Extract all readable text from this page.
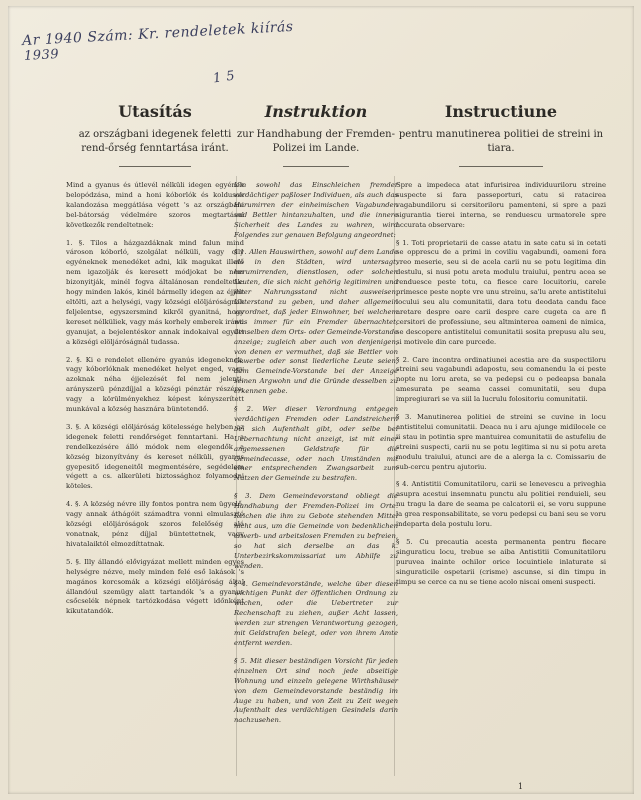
Ar 1940 Szám: Kr. rendeletek kiírás
1939
1 5
Utasítás
az országbani idegenek feletti rend-őrség fenntartása iránt.

Mind a gyanus és útlevél nélküli idegen egyének belopódzása, mind a honi kóborlók és koldusok kalandozása meggátlása végett 's az országbani bel-bátorság védelmére szoros megtartásul következők rendeltetnek:

1. §. Tilos a házgazdáknak mind falun mind városon kóborló, szolgálat nélküli, vagy olly egyéneknek menedéket adni, kik magukat illető nem igazolják és keresett módjokat be nem bizonyitják, minél fogva általánosan rendeltetik: hogy minden lakós, kinél bármelly idegen az éjjelt eltölti, azt a helységi, vagy községi elöljáróságnak feljelentse, egyszersmind kikről gyanitná, hogy kereset nélküliek, vagy más korhely emberek iránti gyanujat, a bejelentéskor annak indokaival együtt a községi elöljáróságnál tudassa.

2. §. Ki e rendelet ellenére gyanús idegeneknek, vagy kóborlóknak menedéket helyet enged, vagy azoknak néha éjjelezését fel nem jelenti, arányszerü pénzdíjjal a községi pénztár részére, vagy a körülményekhez képest kényszerített munkával a község hasznára büntetendő.

3. §. A községi elöljáróság kötelessége helyben az idegenek feletti rendőrséget fenntartani. Ha a rendelkezésére álló módok nem elegendők a község bizonyítvány és kereset nélküli, gyanus gyepesitő idegeneitől megmentésére, segédelem végett a cs. alkerületi biztossághoz folyamodni köteles.

4. §. A község névre illy fontos pontra nem ügyelő, vagy annak áthágóit számadtra vonni elmulasztó községi elöljáróságok szoros felelőség alá vonatnak, pénz díjjal büntettetnek, vagy hivatalaiktól elmozdíttatnak.

5. §. Illy állandó elővigyázat mellett minden egyes helységre nézve, mely minden felé eső lakások 's magános korcsomák a községi elöljáróság által állandóul szemügy alatt tartandók 's a gyanus csőcselék népnek tartózkodása végett időnként kikutatandók.

Instruktion
zur Handhabung der Fremden-Polizei im Lande.

Um sowohl das Einschleichen fremder verdächtiger paßloser Individuen, als auch das Herumirren der einheimischen Vagabunden und Bettler hintanzuhalten, und die innere Sicherheit des Landes zu wahren, wird Folgendes zur genauen Befolgung angeordnet:

§ 1. Allen Hauswirthen, sowohl auf dem Lande als in den Städten, wird untersagt, herumirrenden, dienstlosen, oder solchen Leuten, die sich nicht gehörig legitimiren und ihrer Nahrungsstand nicht ausweisen, Unterstand zu geben, und daher allgemein verordnet, daß jeder Einwohner, bei welchem was immer für ein Fremder übernachtet, denselben dem Orts- oder Gemeinde-Vorstande anzeige; zugleich aber auch von denjenigen, von denen er vermuthet, daß sie Bettler von Gewerbe oder sonst liederliche Leute seien, dem Gemeinde-Vorstande bei der Anzeige seinen Argwohn und die Gründe desselben zu erkennen gebe.

§ 2. Wer dieser Verordnung entgegen verdächtigen Fremden oder Landstreichern bei sich Aufenthalt gibt, oder selbe bei Uebernachtung nicht anzeigt, ist mit einer angemessenen Geldstrafe für die Gemeindecasse, oder nach Umständen mit einer entsprechenden Zwangsarbeit zum Nutzen der Gemeinde zu bestrafen.

§ 3. Dem Gemeindevorstand obliegt die Handhabung der Fremden-Polizei im Orte. Reichen die ihm zu Gebote stehenden Mittel nicht aus, um die Gemeinde von bedenklichen erwerb- und arbeitslosen Fremden zu befreien, so hat sich derselbe an das k. Unterbezirkskommissariat um Abhilfe zu wenden.

§ 4. Gemeindevorstände, welche über diesen wichtigen Punkt der öffentlichen Ordnung zu wachen, oder die Uebertreter zur Rechenschaft zu ziehen, außer Acht lassen, werden zur strengen Verantwortung gezogen, mit Geldstrafen belegt, oder von ihrem Amte entfernt werden.

§ 5. Mit dieser beständigen Vorsicht für jeden einzelnen Ort sind noch jede abseitige Wohnung und einzeln gelegene Wirthshäuser von dem Gemeindevorstande beständig im Auge zu haben, und von Zeit zu Zeit wegen Aufenthalt des verdächtigen Gesindels darin nachzusehen.

Instructiune
pentru manutinerea politiei de streini in tiara.

Spre a impedeca atat infurisirea individuuriloru streine suspecte si fara passeporturi, catu si ratacirea vagabundiloru si cersitoriloru pamenteni, si spre a pazi sigurantia tierei interna, se renduescu urmatorele spre accurata observare:

§ 1. Toti proprietarii de casse atatu in sate catu si in cetati se opprescu de a primi in coviliu vagabundi, oameni fora vreo meserie, seu si de acela carii nu se potu legitima din destulu, si nusi potu areta modulu traiului, pentru acea se renduesce peste totu, ca fiesce care locuitoriu, carele primesce peste nopte vre unu streinu, sa'lu arete antistitelui locului seu alu comunitatii, dara totu deodata candu face aretare despre oare carii despre care cugeta ca are fi cersitori de professiune, seu altminterea oameni de nimica, se descopere antistitelui comunitatii sosita prepusu alu seu, si motivele din care purcede.

§ 2. Care incontra ordinatiunei acestia are da suspectiloru streini seu vagabundi adapostu, seu comanendu la ei peste nopte nu loru areta, se va pedepsi cu o pedeapsa banala amesurata pe seama cassei comunitatii, seu dupa impregiurari se va siil la lucrulu folositoriu comunitatii.

§ 3. Manutinerea politiei de streini se cuvine in locu antistitelui comunitatii. Deaca nu i aru ajunge midilocele ce ii stau in potintia spre mantuirea comunitatii de astufeliu de streini suspecti, carii nu se potu legitima si nu si potu areta modulu traiului, atunci are de a alerga la c. Comissariu de sub-cercu pentru ajutoriu.

§ 4. Antistitii Comunitatiloru, carii se lenevescu a priveghia asupra acestui insemnatu punctu alu politiei renduieli, seu nu tragu la dare de seama pe calcatorii ei, se voru suppune la grea responsabilitate, se voru pedepsi cu bani seu se voru indeparta dela postulu loru.

§ 5. Cu precautia acesta permanenta pentru fiecare singuraticu locu, trebue se aiba Antistitii Comunitatiloru puruvea inainte ochilor orice locuintiele inlaturate si singuraticile ospetarii (crisme) ascunse, si din timpu in timpu se cerce ca nu se tiene acolo niscai omeni suspecti.

1
